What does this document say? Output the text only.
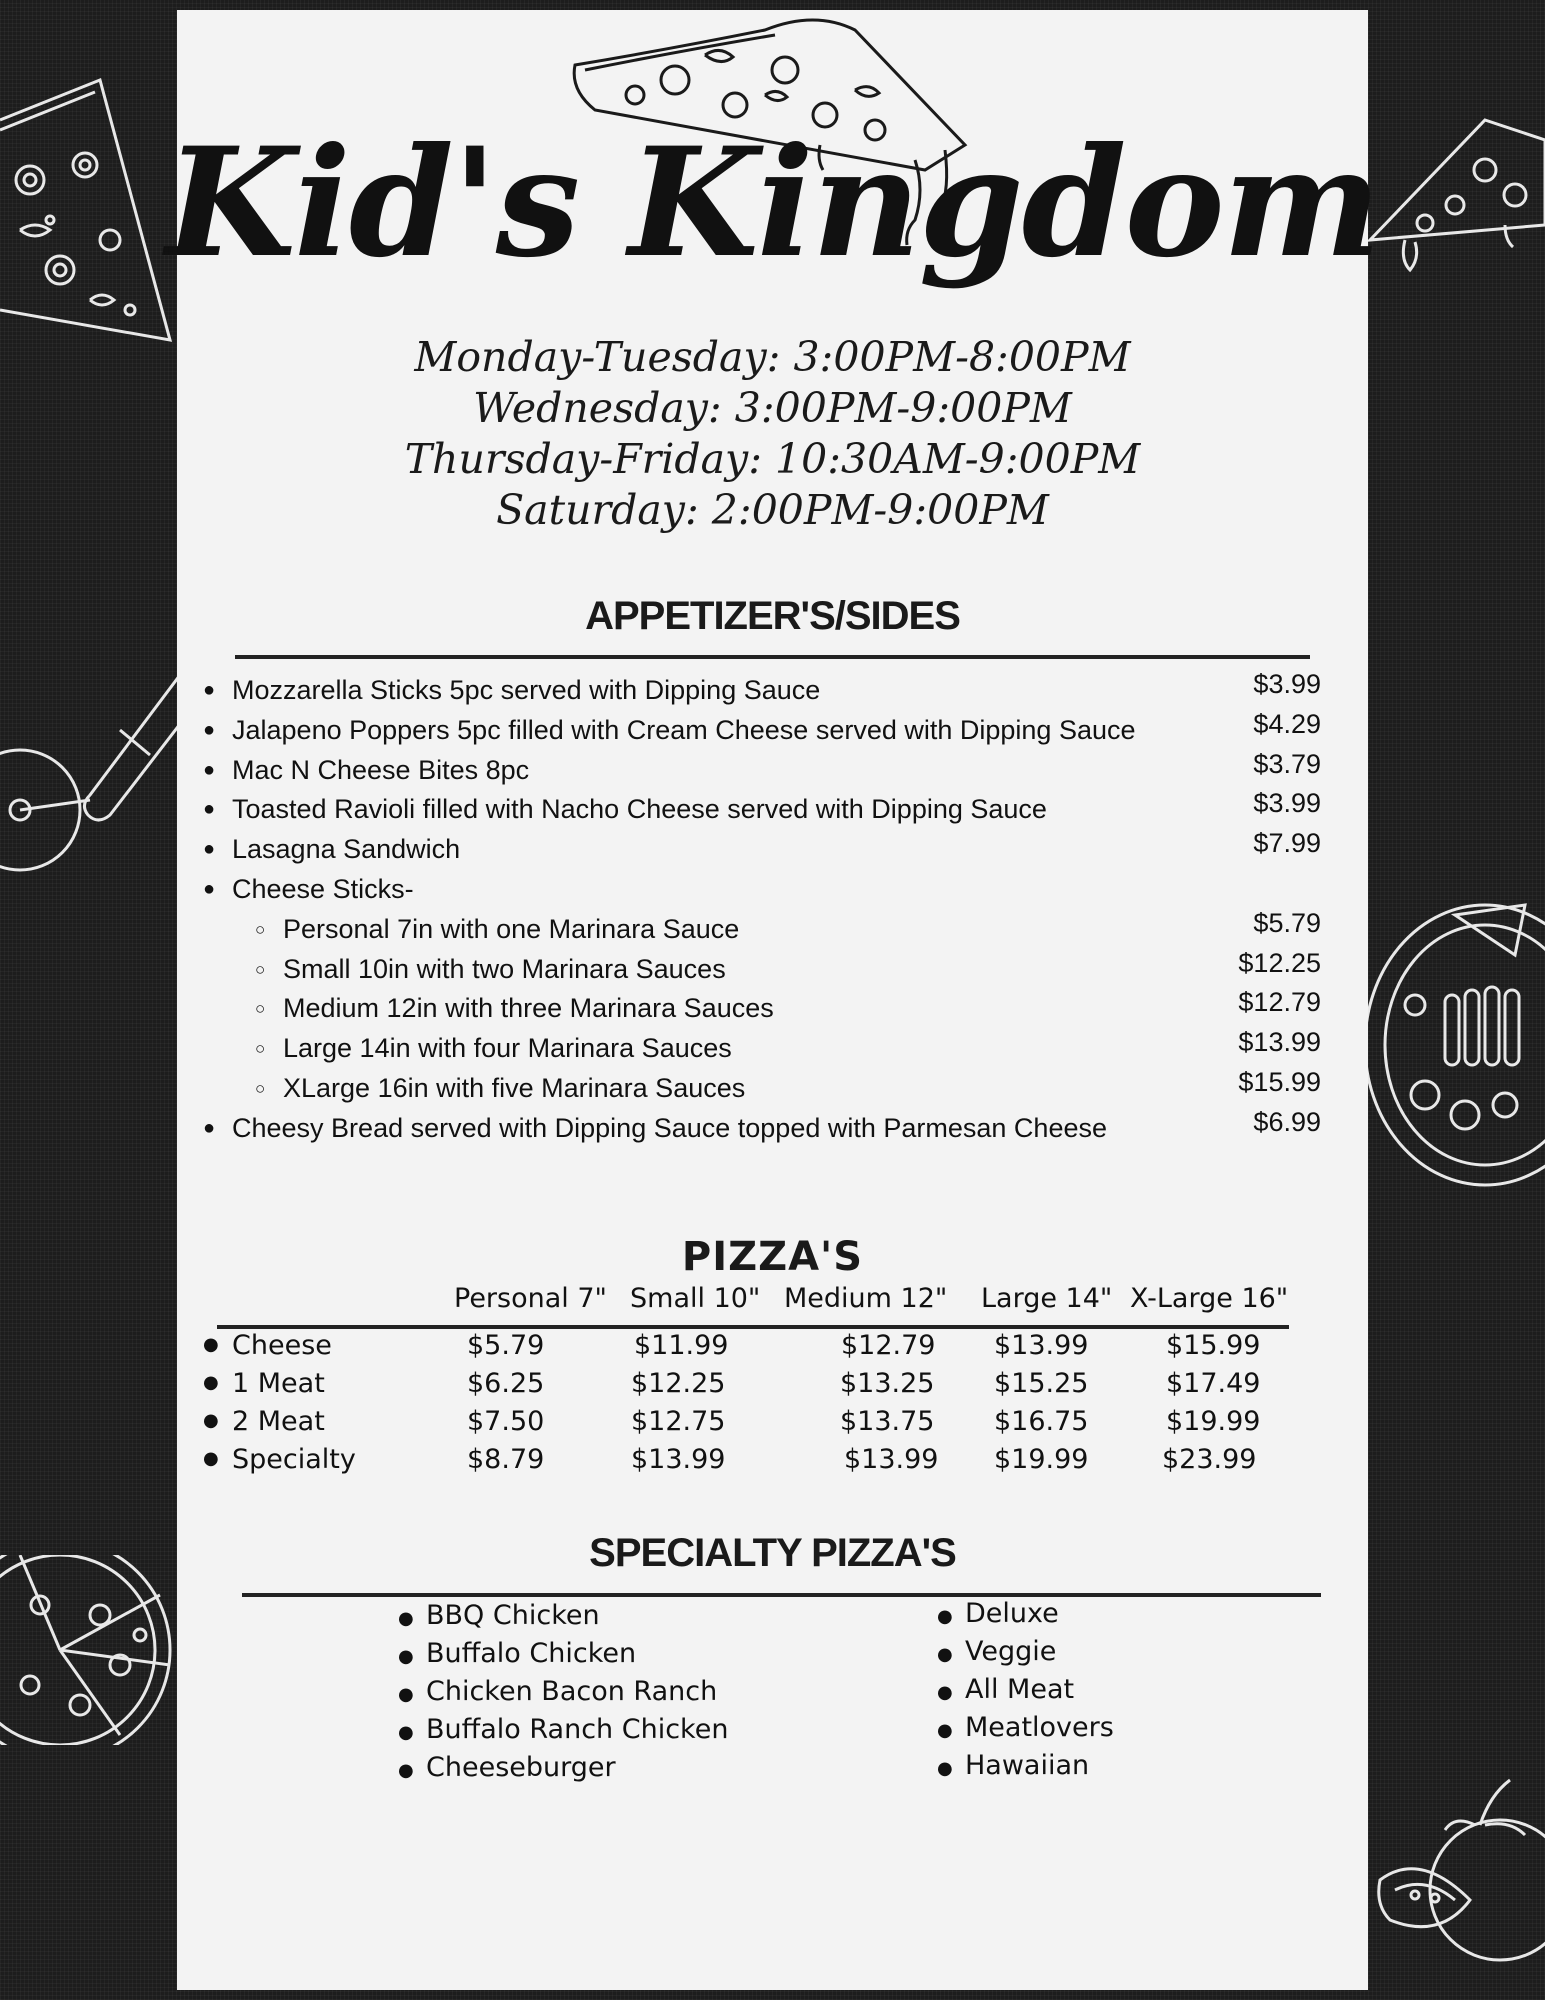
Kid's Kingdom
Monday-Tuesday: 3:00PM-8:00PM
Wednesday: 3:00PM-9:00PM
Thursday-Friday: 10:30AM-9:00PM
Saturday: 2:00PM-9:00PM
APPETIZER'S/SIDES
● Mozzarella Sticks 5pc served with Dipping Sauce	$3.99
● Jalapeno Poppers 5pc filled with Cream Cheese served with Dipping Sauce	$4.29
● Mac N Cheese Bites 8pc	$3.79
● Toasted Ravioli filled with Nacho Cheese served with Dipping Sauce	$3.99
● Lasagna Sandwich	$7.99
● Cheese Sticks-
○ Personal 7in with one Marinara Sauce	$5.79
○ Small 10in with two Marinara Sauces	$12.25
○ Medium 12in with three Marinara Sauces	$12.79
○ Large 14in with four Marinara Sauces	$13.99
○ XLarge 16in with five Marinara Sauces	$15.99
● Cheesy Bread served with Dipping Sauce topped with Parmesan Cheese	$6.99
PIZZA'S
Personal 7" Small 10" Medium 12" Large 14" X-Large 16"
● Cheese	$5.79	$11.99	$12.79 $13.99	$15.99
● 1 Meat	$6.25	$12.25	$13.25 $15.25	$17.49
● 2 Meat	$7.50	$12.75	$13.75 $16.75	$19.99
● Specialty	$8.79	$13.99	$13.99 $19.99	$23.99
SPECIALTY PIZZA'S
● BBQ Chicken
● Buffalo Chicken
● Chicken Bacon Ranch
● Buffalo Ranch Chicken
● Cheeseburger
● Deluxe
● Veggie
● All Meat
● Meatlovers
● Hawaiian
